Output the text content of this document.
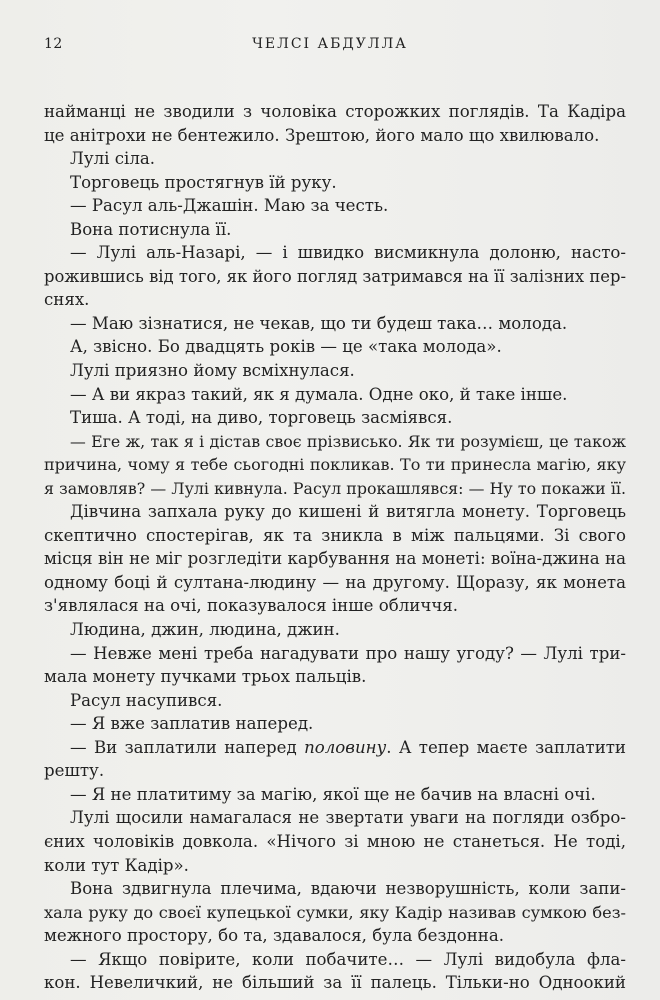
12	ЧЕЛСІ АБДУЛЛА
найманці не зводили з чоловіка сторожких поглядів. Та Кадіра
це анітрохи не бентежило. Зрештою, його мало що хвилювало.
Лулі сіла.
Торговець простягнув їй руку.
— Расул аль-Джашін. Маю за честь.
Вона потиснула її.
— Лулі аль-Назарі, — і швидко висмикнула долоню, насто-
рожившись від того, як його погляд затримався на її залізних пер-
снях.
— Маю зізнатися, не чекав, що ти будеш така… молода.
А, звісно. Бо двадцять років — це «така молода».
Лулі приязно йому всміхнулася.
— А ви якраз такий, як я думала. Одне око, й таке інше.
Тиша. А тоді, на диво, торговець засміявся.
— Еге ж, так я і дістав своє прізвисько. Як ти розумієш, це також
причина, чому я тебе сьогодні покликав. То ти принесла магію, яку
я замовляв? — Лулі кивнула. Расул прокашлявся: — Ну то покажи її.
Дівчина запхала руку до кишені й витягла монету. Торговець
скептично спостерігав, як та зникла в між пальцями. Зі свого
місця він не міг розгледіти карбування на монеті: воїна-джина на
одному боці й султана-людину — на другому. Щоразу, як монета
з'являлася на очі, показувалося інше обличчя.
Людина, джин, людина, джин.
— Невже мені треба нагадувати про нашу угоду? — Лулі три-
мала монету пучками трьох пальців.
Расул насупився.
— Я вже заплатив наперед.
— Ви заплатили наперед половину. А тепер маєте заплатити
решту.
— Я не платитиму за магію, якої ще не бачив на власні очі.
Лулі щосили намагалася не звертати уваги на погляди озбро-
єних чоловіків довкола. «Нічого зі мною не станеться. Не тоді,
коли тут Кадір».
Вона здвигнула плечима, вдаючи незворушність, коли запи-
хала руку до своєї купецької сумки, яку Кадір називав сумкою без-
межного простору, бо та, здавалося, була бездонна.
— Якщо повірите, коли побачите… — Лулі видобула фла-
кон. Невеличкий, не більший за її палець. Тільки-но Одноокий
